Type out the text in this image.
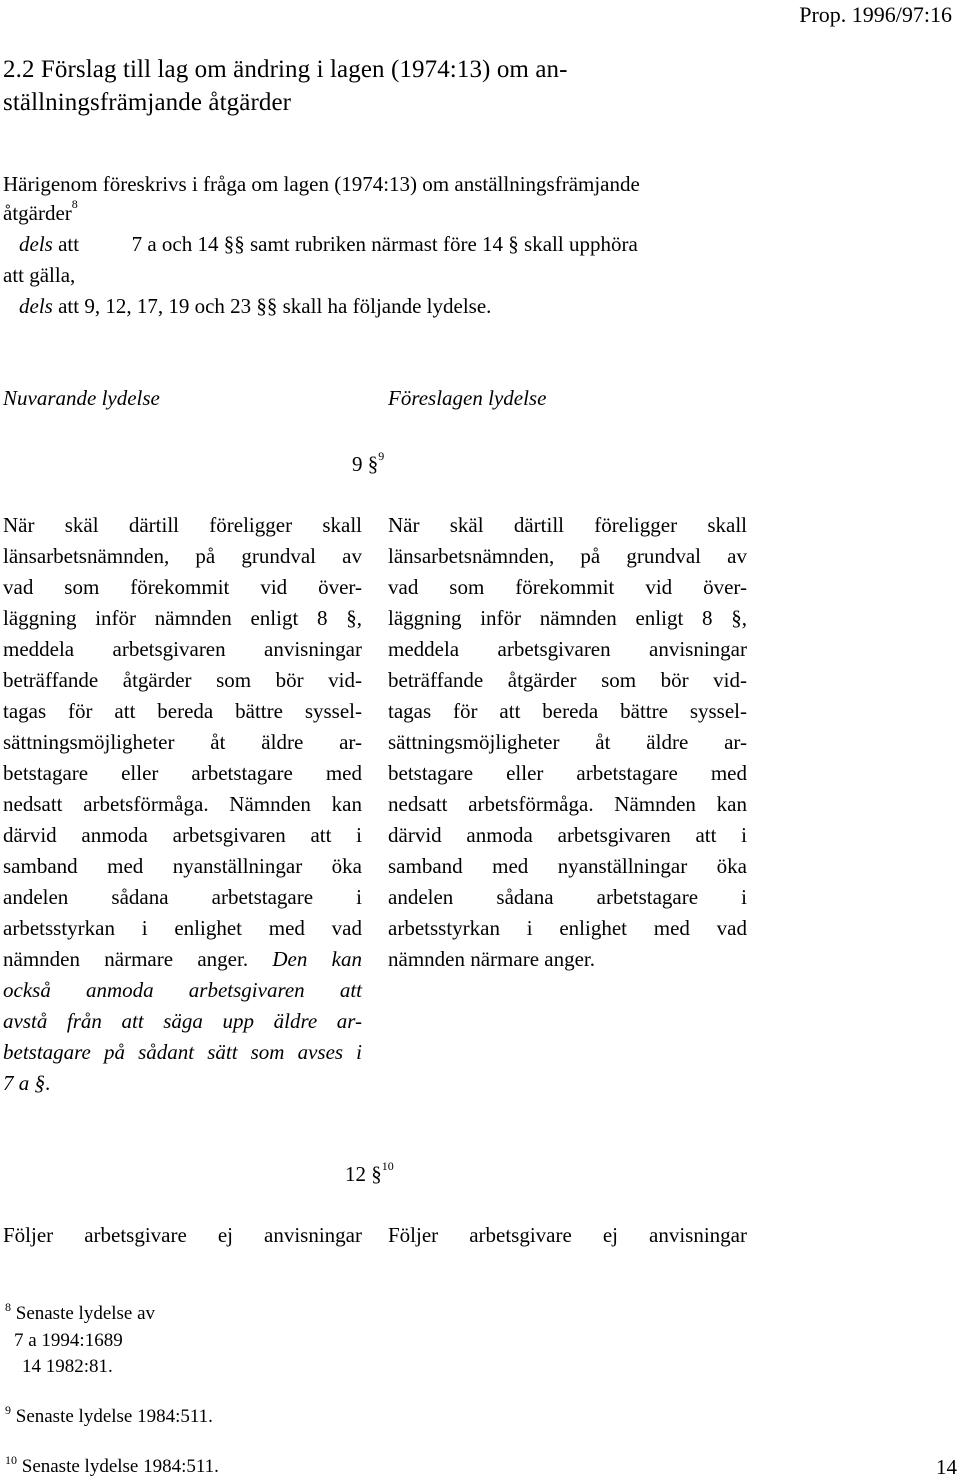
Prop. 1996/97:16
2.2 Förslag till lag om ändring i lagen (1974:13) om an-
ställningsfrämjande åtgärder
Härigenom föreskrivs i fråga om lagen (1974:13) om anställningsfrämjande
åtgärder$^8$
dels att          7 a och 14 §§ samt rubriken närmast före 14 § skall upphöra
att gälla,
dels att 9, 12, 17, 19 och 23 §§ skall ha följande lydelse.
Nuvarande lydelse	Föreslagen lydelse
9 §$^9$
När skäl därtill föreligger skall
länsarbetsnämnden, på grundval av
vad som förekommit vid över-
läggning inför nämnden enligt 8 §,
meddela arbetsgivaren anvisningar
beträffande åtgärder som bör vid-
tagas för att bereda bättre syssel-
sättningsmöjligheter åt äldre ar-
betstagare eller arbetstagare med
nedsatt arbetsförmåga. Nämnden kan
därvid anmoda arbetsgivaren att i
samband med nyanställningar öka
andelen sådana arbetstagare i
arbetsstyrkan i enlighet med vad
nämnden närmare anger. Den kan
också anmoda arbetsgivaren att
avstå från att säga upp äldre ar-
betstagare på sådant sätt som avses i
7 a §.
När skäl därtill föreligger skall
länsarbetsnämnden, på grundval av
vad som förekommit vid över-
läggning inför nämnden enligt 8 §,
meddela arbetsgivaren anvisningar
beträffande åtgärder som bör vid-
tagas för att bereda bättre syssel-
sättningsmöjligheter åt äldre ar-
betstagare eller arbetstagare med
nedsatt arbetsförmåga. Nämnden kan
därvid anmoda arbetsgivaren att i
samband med nyanställningar öka
andelen sådana arbetstagare i
arbetsstyrkan i enlighet med vad
nämnden närmare anger.
12 §$^{10}$
Följer arbetsgivare ej anvisningar Följer arbetsgivare ej anvisningar
$^8$ Senaste lydelse av
7 a 1994:1689
14 1982:81.
$^9$ Senaste lydelse 1984:511.
$^{10}$ Senaste lydelse 1984:511.	14
